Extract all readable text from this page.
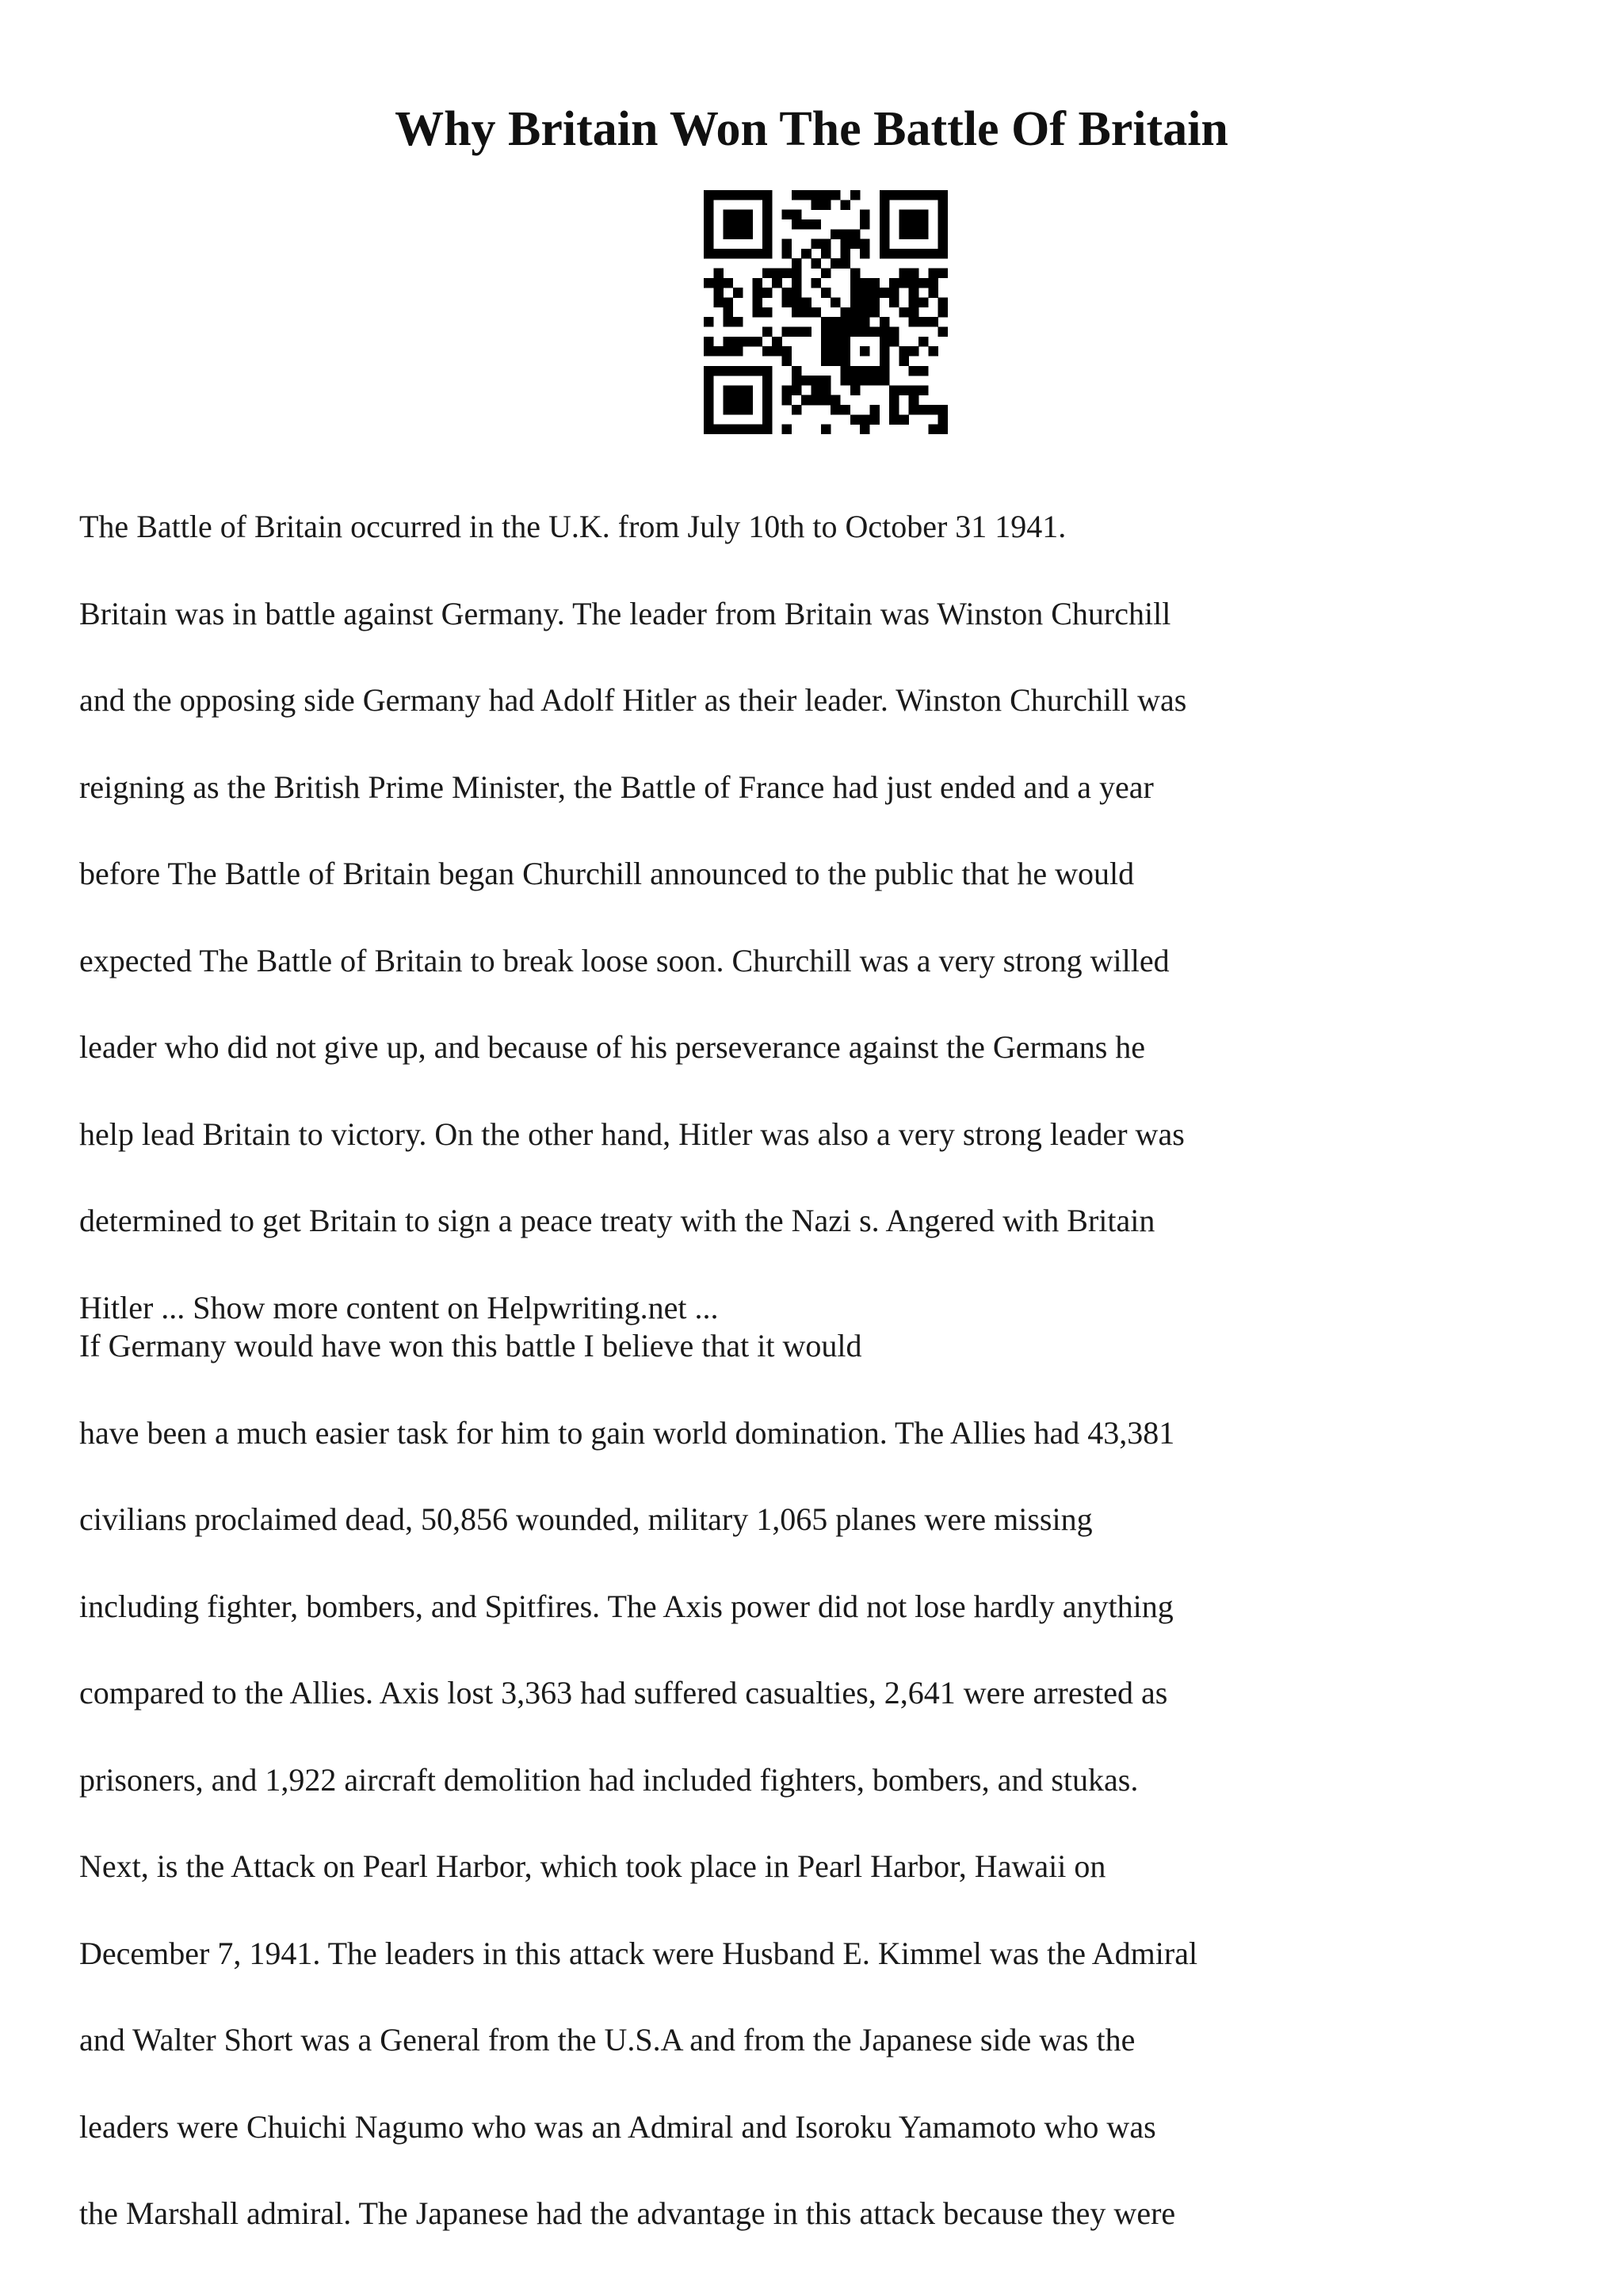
Why Britain Won The Battle Of Britain
The Battle of Britain occurred in the U.K. from July 10th to October 31 1941.
Britain was in battle against Germany. The leader from Britain was Winston Churchill
and the opposing side Germany had Adolf Hitler as their leader. Winston Churchill was
reigning as the British Prime Minister, the Battle of France had just ended and a year
before The Battle of Britain began Churchill announced to the public that he would
expected The Battle of Britain to break loose soon. Churchill was a very strong willed
leader who did not give up, and because of his perseverance against the Germans he
help lead Britain to victory. On the other hand, Hitler was also a very strong leader was
determined to get Britain to sign a peace treaty with the Nazi s. Angered with Britain
Hitler ... Show more content on Helpwriting.net ...
If Germany would have won this battle I believe that it would
have been a much easier task for him to gain world domination. The Allies had 43,381
civilians proclaimed dead, 50,856 wounded, military 1,065 planes were missing
including fighter, bombers, and Spitfires. The Axis power did not lose hardly anything
compared to the Allies. Axis lost 3,363 had suffered casualties, 2,641 were arrested as
prisoners, and 1,922 aircraft demolition had included fighters, bombers, and stukas.
Next, is the Attack on Pearl Harbor, which took place in Pearl Harbor, Hawaii on
December 7, 1941. The leaders in this attack were Husband E. Kimmel was the Admiral
and Walter Short was a General from the U.S.A and from the Japanese side was the
leaders were Chuichi Nagumo who was an Admiral and Isoroku Yamamoto who was
the Marshall admiral. The Japanese had the advantage in this attack because they were
